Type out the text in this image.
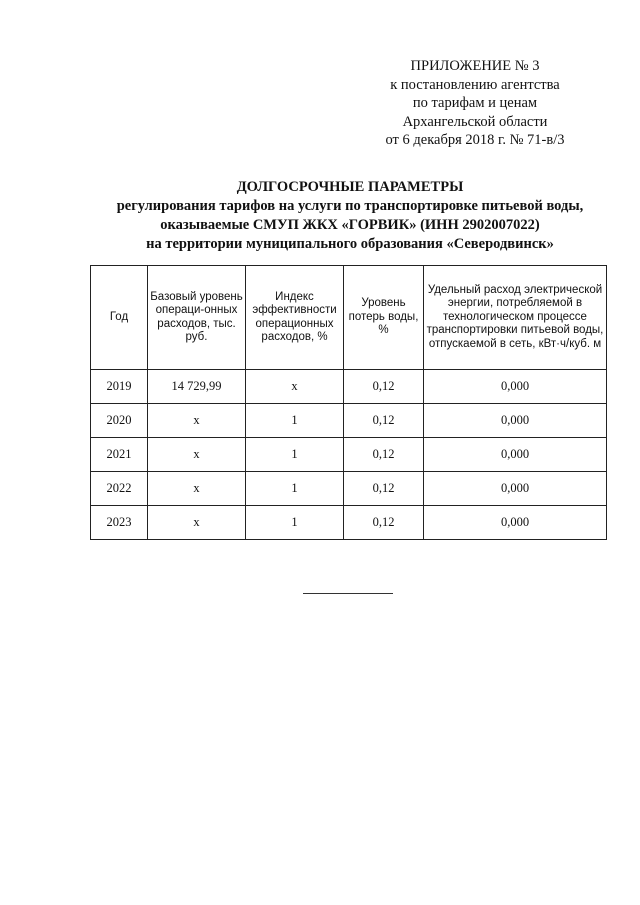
ПРИЛОЖЕНИЕ № 3
к постановлению агентства
по тарифам и ценам
Архангельской области
от 6 декабря 2018 г. № 71-в/3
ДОЛГОСРОЧНЫЕ ПАРАМЕТРЫ
регулирования тарифов на услуги по транспортировке питьевой воды,
оказываемые СМУП ЖКХ «ГОРВИК» (ИНН 2902007022)
на территории муниципального образования «Северодвинск»
Год	Базовый уровень операци-онных расходов, тыс. руб.	Индекс эффективности операционных расходов, %	Уровень потерь воды, %	Удельный расход электрической энергии, потребляемой в технологическом процессе транспортировки питьевой воды, отпускаемой в сеть, кВт·ч/куб. м
2019	14 729,99	х	0,12	0,000
2020	х	1	0,12	0,000
2021	х	1	0,12	0,000
2022	х	1	0,12	0,000
2023	х	1	0,12	0,000
